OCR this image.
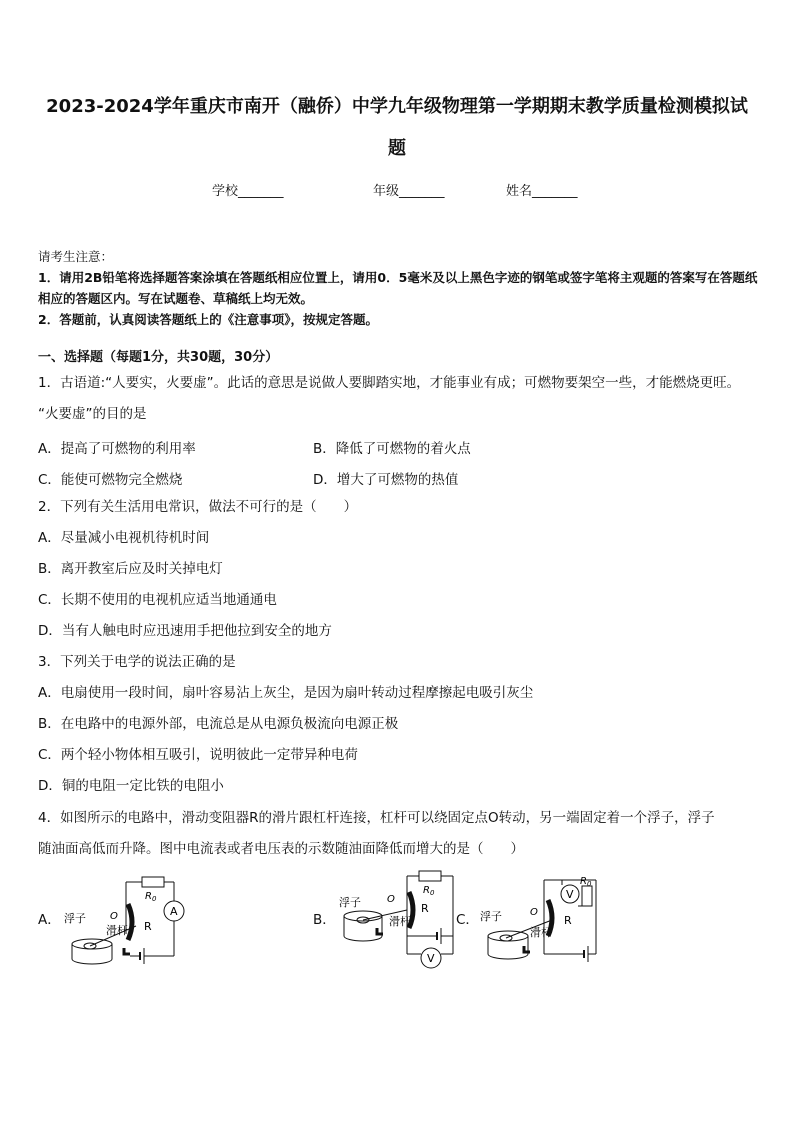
2023-2024学年重庆市南开（融侨）中学九年级物理第一学期期末教学质量检测模拟试
题
学校_______	年级_______	姓名_______
请考生注意：
1．请用2B铅笔将选择题答案涂填在答题纸相应位置上，请用0．5毫米及以上黑色字迹的钢笔或签字笔将主观题的答案写在答题纸相应的答题区内。写在试题卷、草稿纸上均无效。
2．答题前，认真阅读答题纸上的《注意事项》，按规定答题。
一、选择题（每题1分，共30题，30分）
1．古语道:“人要实，火要虚”。此话的意思是说做人要脚踏实地，才能事业有成；可燃物要架空一些，才能燃烧更旺。
“火要虚”的目的是
A．提高了可燃物的利用率	B．降低了可燃物的着火点
C．能使可燃物完全燃烧	D．增大了可燃物的热值
2．下列有关生活用电常识，做法不可行的是（　　）
A．尽量减小电视机待机时间
B．离开教室后应及时关掉电灯
C．长期不使用的电视机应适当地通通电
D．当有人触电时应迅速用手把他拉到安全的地方
3．下列关于电学的说法正确的是
A．电扇使用一段时间，扇叶容易沾上灰尘，是因为扇叶转动过程摩擦起电吸引灰尘
B．在电路中的电源外部，电流总是从电源负极流向电源正极
C．两个轻小物体相互吸引，说明彼此一定带异种电荷
D．铜的电阻一定比铁的电阻小
4．如图所示的电路中，滑动变阻器R的滑片跟杠杆连接，杠杆可以绕固定点O转动，另一端固定着一个浮子，浮子
随油面高低而升降。图中电流表或者电压表的示数随油面降低而增大的是（　　）
A．	B．	C．
浮子
滑杆
O
R
$R_0$
A
浮子	O
滑杆
R
$R_0$
V
浮子	O
滑杆
R
V
$R_0$
